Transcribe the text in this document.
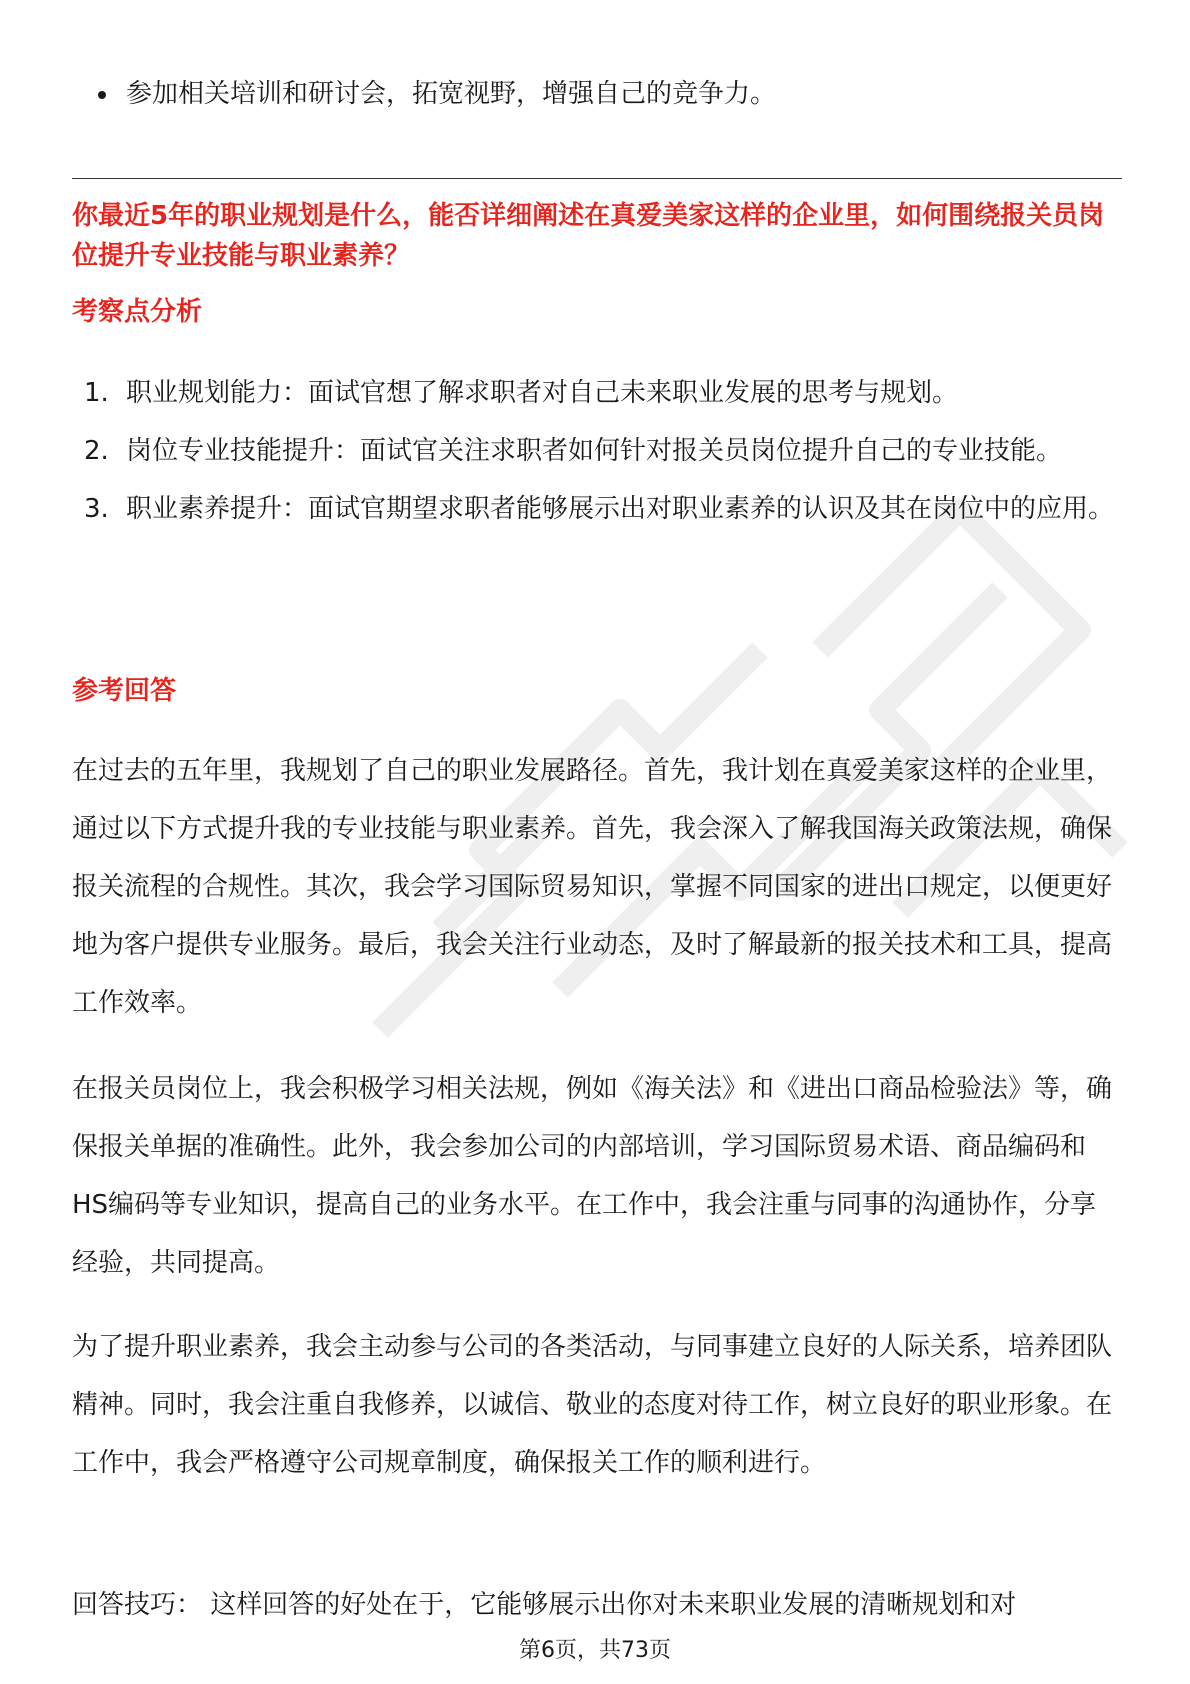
参加相关培训和研讨会，拓宽视野，增强自己的竞争力。
你最近5年的职业规划是什么，能否详细阐述在真爱美家这样的企业里，如何围绕报关员岗位提升专业技能与职业素养？
考察点分析
1. 职业规划能力：面试官想了解求职者对自己未来职业发展的思考与规划。
2. 岗位专业技能提升：面试官关注求职者如何针对报关员岗位提升自己的专业技能。
3. 职业素养提升：面试官期望求职者能够展示出对职业素养的认识及其在岗位中的应用。
参考回答

在过去的五年里，我规划了自己的职业发展路径。首先，我计划在真爱美家这样的企业里，通过以下方式提升我的专业技能与职业素养。首先，我会深入了解我国海关政策法规，确保报关流程的合规性。其次，我会学习国际贸易知识，掌握不同国家的进出口规定，以便更好地为客户提供专业服务。最后，我会关注行业动态，及时了解最新的报关技术和工具，提高工作效率。

在报关员岗位上，我会积极学习相关法规，例如《海关法》和《进出口商品检验法》等，确保报关单据的准确性。此外，我会参加公司的内部培训，学习国际贸易术语、商品编码和HS编码等专业知识，提高自己的业务水平。在工作中，我会注重与同事的沟通协作，分享经验，共同提高。

为了提升职业素养，我会主动参与公司的各类活动，与同事建立良好的人际关系，培养团队精神。同时，我会注重自我修养，以诚信、敬业的态度对待工作，树立良好的职业形象。在工作中，我会严格遵守公司规章制度，确保报关工作的顺利进行。

回答技巧： 这样回答的好处在于，它能够展示出你对未来职业发展的清晰规划和对

第6页，共73页
